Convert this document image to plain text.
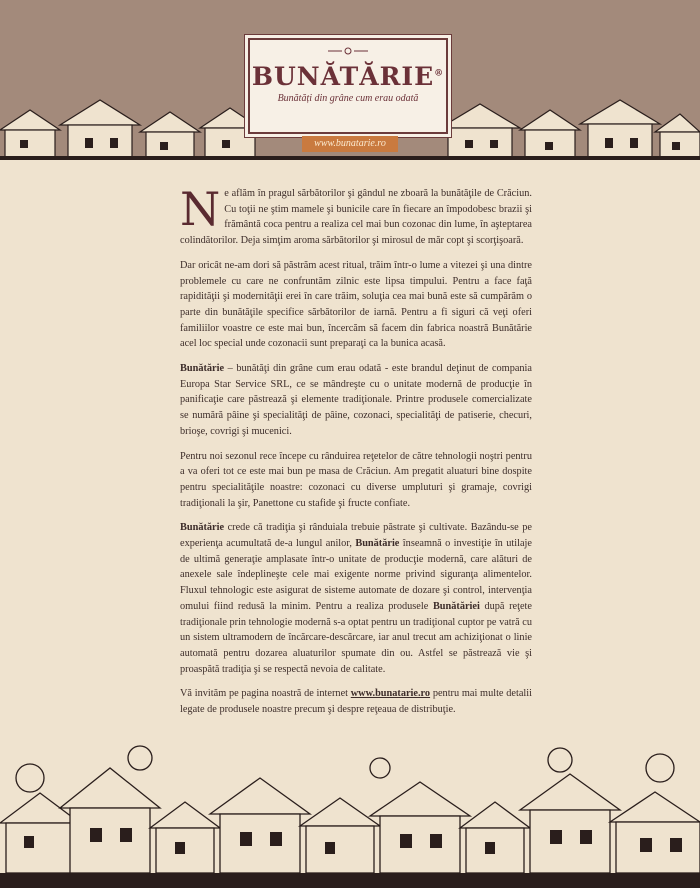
BUNĂTĂRIE®
Bunătăți din grâne cum erau odată
www.bunatarie.ro

Ne aflăm în pragul sărbătorilor şi gândul ne zboară la bunătăţile de Crăciun. Cu toţii ne ştim mamele şi bunicile care în fiecare an împodobesc brazii şi frământă coca pentru a realiza cel mai bun cozonac din lume, în aşteptarea colindătorilor. Deja simţim aroma sărbătorilor şi mirosul de măr copt şi scorţişoară.

Dar oricât ne-am dori să păstrăm acest ritual, trăim într-o lume a vitezei şi una dintre problemele cu care ne confruntăm zilnic este lipsa timpului. Pentru a face faţă rapidităţii şi modernităţii erei în care trăim, soluţia cea mai bună este să cumpărăm o parte din bunătăţile specifice sărbătorilor de iarnă. Pentru a fi siguri că veţi oferi familiilor voastre ce este mai bun, încercăm să facem din fabrica noastră Bunătărie acel loc special unde cozonacii sunt preparaţi ca la bunica acasă.

Bunătărie – bunătăţi din grâne cum erau odată - este brandul deţinut de compania Europa Star Service SRL, ce se mândreşte cu o unitate modernă de producţie în panificaţie care păstrează şi elemente tradiţionale. Printre produsele comercializate se numără pâine şi specialităţi de pâine, cozonaci, specialităţi de patiserie, checuri, brioşe, covrigi şi mucenici.

Pentru noi sezonul rece începe cu rânduirea reţetelor de către tehnologii noştri pentru a va oferi tot ce este mai bun pe masa de Crăciun. Am pregatit aluaturi bine dospite pentru specialităţile noastre: cozonaci cu diverse umpluturi şi gramaje, covrigi tradiţionali la şir, Panettone cu stafide şi fructe confiate.

Bunătărie crede că tradiţia şi rânduiala trebuie păstrate şi cultivate. Bazându-se pe experienţa acumultată de-a lungul anilor, Bunătărie înseamnă o investiţie în utilaje de ultimă generaţie amplasate într-o unitate de producţie modernă, care alături de anexele sale îndeplineşte cele mai exigente norme privind siguranţa alimentelor. Fluxul tehnologic este asigurat de sisteme automate de dozare şi control, intervenţia omului fiind redusă la minim. Pentru a realiza produsele Bunătăriei după reţete tradiţionale prin tehnologie modernă s-a optat pentru un tradiţional cuptor pe vatră cu un sistem ultramodern de încărcare-descărcare, iar anul trecut am achiziţionat o linie automată pentru dozarea aluaturilor spumate din ou. Astfel se păstrează vie şi proaspătă tradiţia şi se respectă nevoia de calitate.

Vă invităm pe pagina noastră de internet www.bunatarie.ro pentru mai multe detalii legate de produsele noastre precum şi despre reţeaua de distribuţie.
